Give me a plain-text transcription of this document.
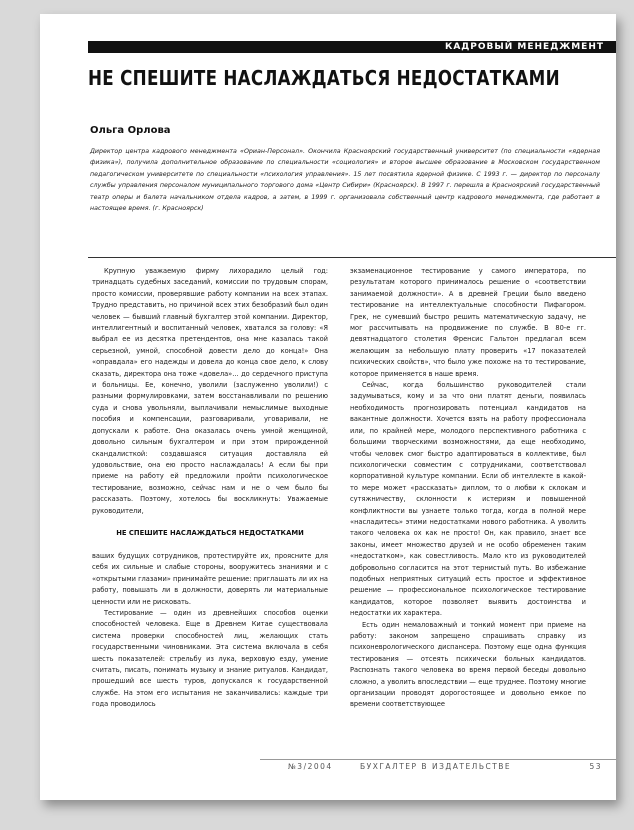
КАДРОВЫЙ МЕНЕДЖМЕНТ
НЕ СПЕШИТЕ НАСЛАЖДАТЬСЯ НЕДОСТАТКАМИ
Ольга Орлова
Директор центра кадрового менеджмента «Ориан-Персонал». Окончила Красноярский государственный университет (по специальности «ядерная физика»), получила дополнительное образование по специальности «социология» и второе высшее образование в Московском государственном педагогическом университете по специальности «психология управления». 15 лет посвятила ядерной физике. С 1993 г. — директор по персоналу службы управления персоналом муниципального торгового дома «Центр Сибири» (Красноярск). В 1997 г. перешла в Красноярский государственный театр оперы и балета начальником отдела кадров, а затем, в 1999 г. организовала собственный центр кадрового менеджмента, где работает в настоящее время. (г. Красноярск)

Крупную уважаемую фирму лихорадило целый год: тринадцать судебных заседаний, комиссии по трудовым спорам, просто комиссии, проверявшие работу компании на всех этапах. Трудно представить, но причиной всех этих безобразий был один человек — бывший главный бухгалтер этой компании. Директор, интеллигентный и воспитанный человек, хватался за голову: «Я выбрал ее из десятка претендентов, она мне казалась такой серьезной, умной, способной довести дело до конца!» Она «оправдала» его надежды и довела до конца свое дело, к слову сказать, директора она тоже «довела»... до сердечного приступа и больницы. Ее, конечно, уволили (заслуженно уволили!) с разными формулировками, затем восстанавливали по решению суда и снова увольняли, выплачивали немыслимые выходные пособия и компенсации, разговаривали, уговаривали, не допускали к работе. Она оказалась очень умной женщиной, довольно сильным бухгалтером и при этом прирожденной скандалисткой: создавшаяся ситуация доставляла ей удовольствие, она ею просто наслаждалась! А если бы при приеме на работу ей предложили пройти психологическое тестирование, возможно, сейчас нам и не о чем было бы рассказать. Поэтому, хотелось бы воскликнуть: Уважаемые руководители,

НЕ СПЕШИТЕ НАСЛАЖДАТЬСЯ НЕДОСТАТКАМИ

ваших будущих сотрудников, протестируйте их, проясните для себя их сильные и слабые стороны, вооружитесь знаниями и с «открытыми глазами» принимайте решение: приглашать ли их на работу, повышать ли в должности, доверять ли материальные ценности или не рисковать.

Тестирование — один из древнейших способов оценки способностей человека. Еще в Древнем Китае существовала система проверки способностей лиц, желающих стать государственными чиновниками. Эта система включала в себя шесть показателей: стрельбу из лука, верховую езду, умение считать, писать, понимать музыку и знание ритуалов. Кандидат, прошедший все шесть туров, допускался к государственной службе. На этом его испытания не заканчивались: каждые три года проводилось

экзаменационное тестирование у самого императора, по результатам которого принималось решение о «соответствии занимаемой должности». А в древней Греции было введено тестирование на интеллектуальные способности Пифагором. Грек, не сумевший быстро решить математическую задачу, не мог рассчитывать на продвижение по службе. В 80-е гг. девятнадцатого столетия Френсис Гальтон предлагал всем желающим за небольшую плату проверить «17 показателей психических свойств», что было уже похоже на то тестирование, которое применяется в наше время.

Сейчас, когда большинство руководителей стали задумываться, кому и за что они платят деньги, появилась необходимость прогнозировать потенциал кандидатов на вакантные должности. Хочется взять на работу профессионала или, по крайней мере, молодого перспективного работника с большими творческими возможностями, да еще необходимо, чтобы человек смог быстро адаптироваться в коллективе, был психологически совместим с сотрудниками, соответствовал корпоративной культуре компании. Если об интеллекте в какой-то мере может «рассказать» диплом, то о любви к склокам и сутяжничеству, склонности к истериям и повышенной конфликтности вы узнаете только тогда, когда в полной мере «насладитесь» этими недостатками нового работника. А уволить такого человека ох как не просто! Он, как правило, знает все законы, имеет множество друзей и не особо обременен таким «недостатком», как совестливость. Мало кто из руководителей добровольно согласится на этот тернистый путь. Во избежание подобных неприятных ситуаций есть простое и эффективное решение — профессиональное психологическое тестирование кандидатов, которое позволяет выявить достоинства и недостатки их характера.

Есть один немаловажный и тонкий момент при приеме на работу: законом запрещено спрашивать справку из психоневрологического диспансера. Поэтому еще одна функция тестирования — отсеять психически больных кандидатов. Распознать такого человека во время первой беседы довольно сложно, а уволить впоследствии — еще труднее. Поэтому многие организации проводят дорогостоящее и довольно емкое по времени соответствующее

№3/2004	БУХГАЛТЕР В ИЗДАТЕЛЬСТВЕ	53
